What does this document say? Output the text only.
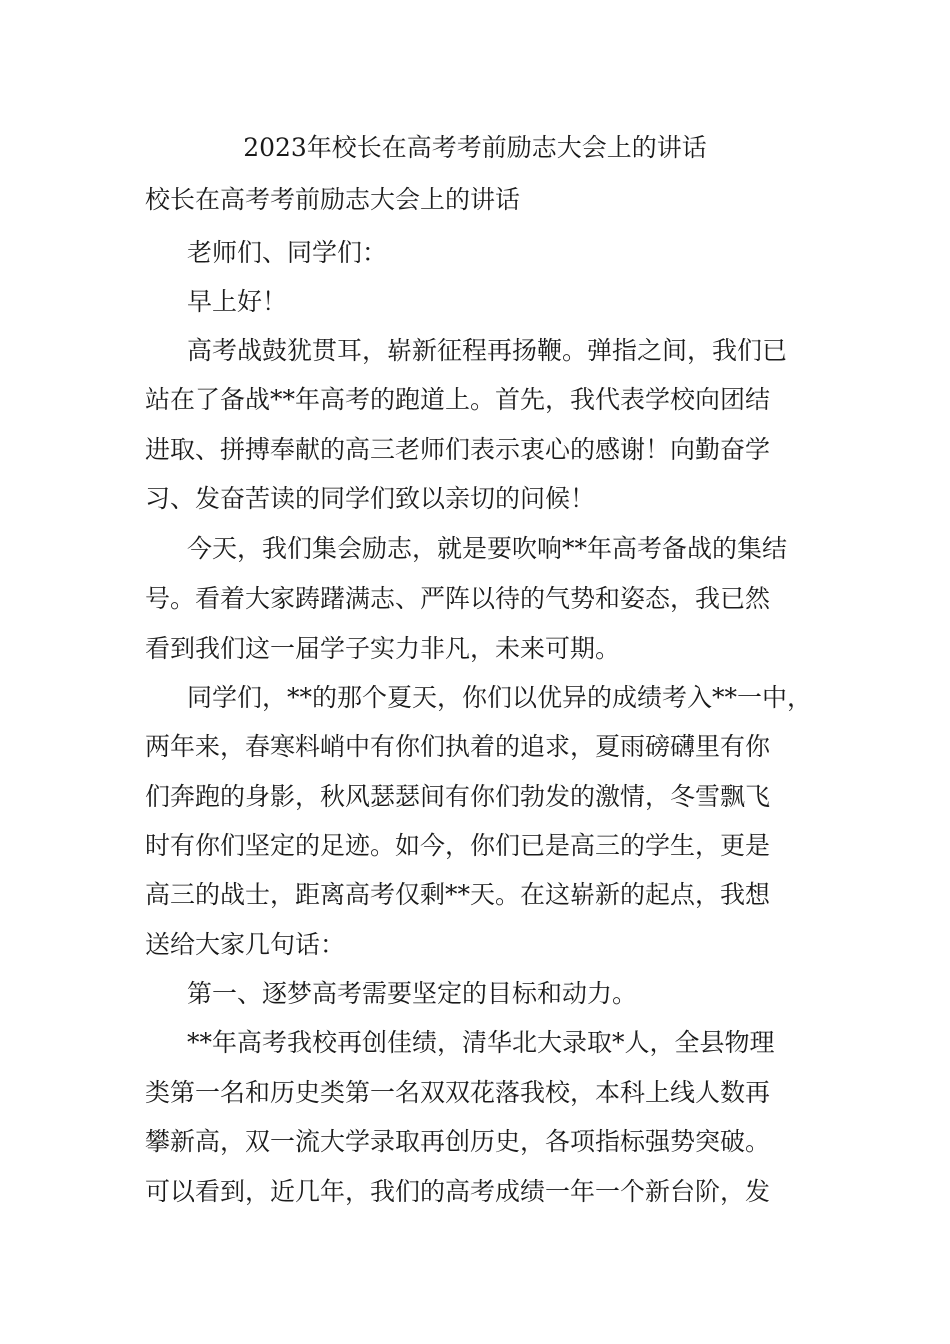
2023年校长在高考考前励志大会上的讲话
校长在高考考前励志大会上的讲话
老师们、同学们：
早上好！
高考战鼓犹贯耳，崭新征程再扬鞭。弹指之间，我们已
站在了备战**年高考的跑道上。首先，我代表学校向团结
进取、拼搏奉献的高三老师们表示衷心的感谢！向勤奋学
习、发奋苦读的同学们致以亲切的问候！
今天，我们集会励志，就是要吹响**年高考备战的集结
号。看着大家踌躇满志、严阵以待的气势和姿态，我已然
看到我们这一届学子实力非凡，未来可期。
同学们，**的那个夏天，你们以优异的成绩考入**一中，
两年来，春寒料峭中有你们执着的追求，夏雨磅礴里有你
们奔跑的身影，秋风瑟瑟间有你们勃发的激情，冬雪飘飞
时有你们坚定的足迹。如今，你们已是高三的学生，更是
高三的战士，距离高考仅剩**天。在这崭新的起点，我想
送给大家几句话：
第一、逐梦高考需要坚定的目标和动力。
**年高考我校再创佳绩，清华北大录取*人，全县物理
类第一名和历史类第一名双双花落我校，本科上线人数再
攀新高，双一流大学录取再创历史，各项指标强势突破。
可以看到，近几年，我们的高考成绩一年一个新台阶，发
